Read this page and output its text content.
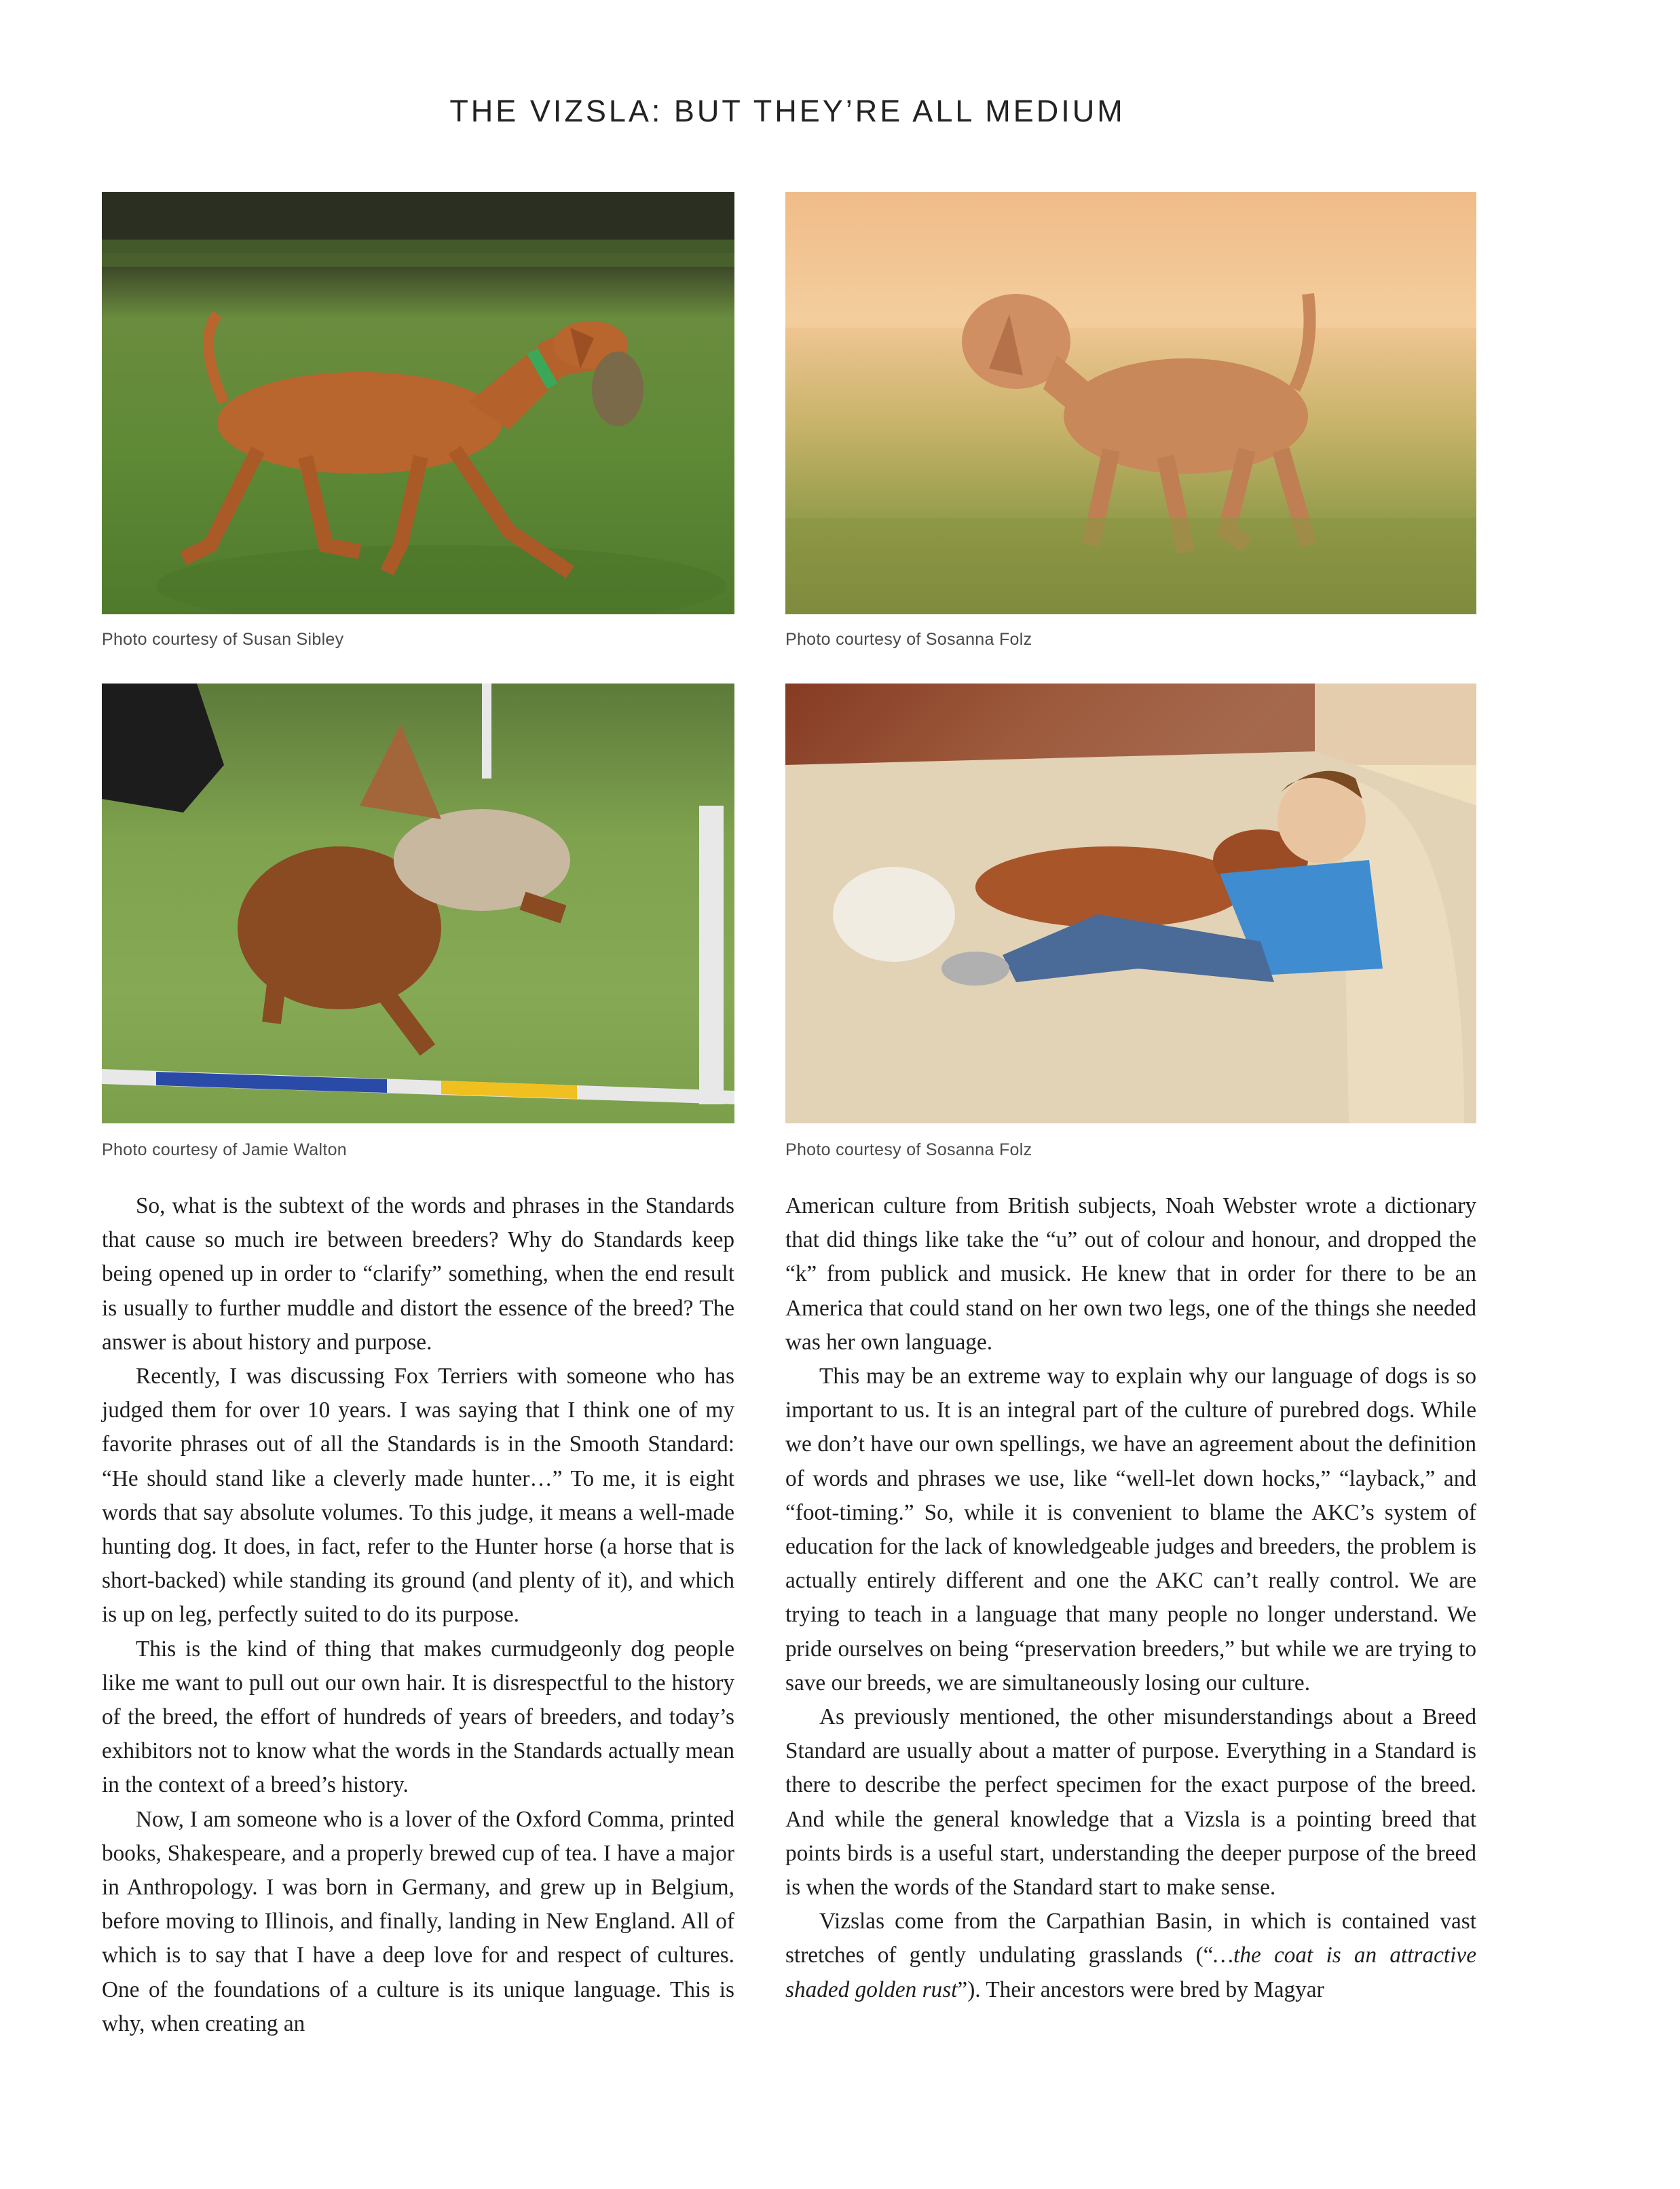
THE VIZSLA: BUT THEY’RE ALL MEDIUM
Photo courtesy of Susan Sibley	Photo courtesy of Sosanna Folz
Photo courtesy of Jamie Walton	Photo courtesy of Sosanna Folz

So, what is the subtext of the words and phrases in the Standards that cause so much ire between breeders? Why do Standards keep being opened up in order to “clarify” something, when the end result is usually to further muddle and distort the essence of the breed? The answer is about history and purpose.

Recently, I was discussing Fox Terriers with someone who has judged them for over 10 years. I was saying that I think one of my favorite phrases out of all the Standards is in the Smooth Standard: “He should stand like a cleverly made hunter…” To me, it is eight words that say absolute volumes. To this judge, it means a well-made hunting dog. It does, in fact, refer to the Hunter horse (a horse that is short-backed) while standing its ground (and plenty of it), and which is up on leg, perfectly suited to do its purpose.

This is the kind of thing that makes curmudgeonly dog people like me want to pull out our own hair. It is disrespectful to the history of the breed, the effort of hundreds of years of breeders, and today’s exhibitors not to know what the words in the Standards actually mean in the context of a breed’s history.

Now, I am someone who is a lover of the Oxford Comma, printed books, Shakespeare, and a properly brewed cup of tea. I have a major in Anthropology. I was born in Germany, and grew up in Belgium, before moving to Illinois, and finally, landing in New England. All of which is to say that I have a deep love for and respect of cultures. One of the foundations of a culture is its unique language. This is why, when creating an

American culture from British subjects, Noah Webster wrote a dictionary that did things like take the “u” out of colour and honour, and dropped the “k” from publick and musick. He knew that in order for there to be an America that could stand on her own two legs, one of the things she needed was her own language.

This may be an extreme way to explain why our language of dogs is so important to us. It is an integral part of the culture of purebred dogs. While we don’t have our own spellings, we have an agreement about the definition of words and phrases we use, like “well-let down hocks,” “layback,” and “foot-timing.” So, while it is convenient to blame the AKC’s system of education for the lack of knowledgeable judges and breeders, the problem is actually entirely different and one the AKC can’t really control. We are trying to teach in a language that many people no longer understand. We pride ourselves on being “preservation breeders,” but while we are trying to save our breeds, we are simultaneously losing our culture.

As previously mentioned, the other misunderstandings about a Breed Standard are usually about a matter of purpose. Everything in a Standard is there to describe the perfect specimen for the exact purpose of the breed. And while the general knowledge that a Vizsla is a pointing breed that points birds is a useful start, understanding the deeper purpose of the breed is when the words of the Standard start to make sense.

Vizslas come from the Carpathian Basin, in which is contained vast stretches of gently undulating grasslands (“…the coat is an attractive shaded golden rust”). Their ancestors were bred by Magyar
